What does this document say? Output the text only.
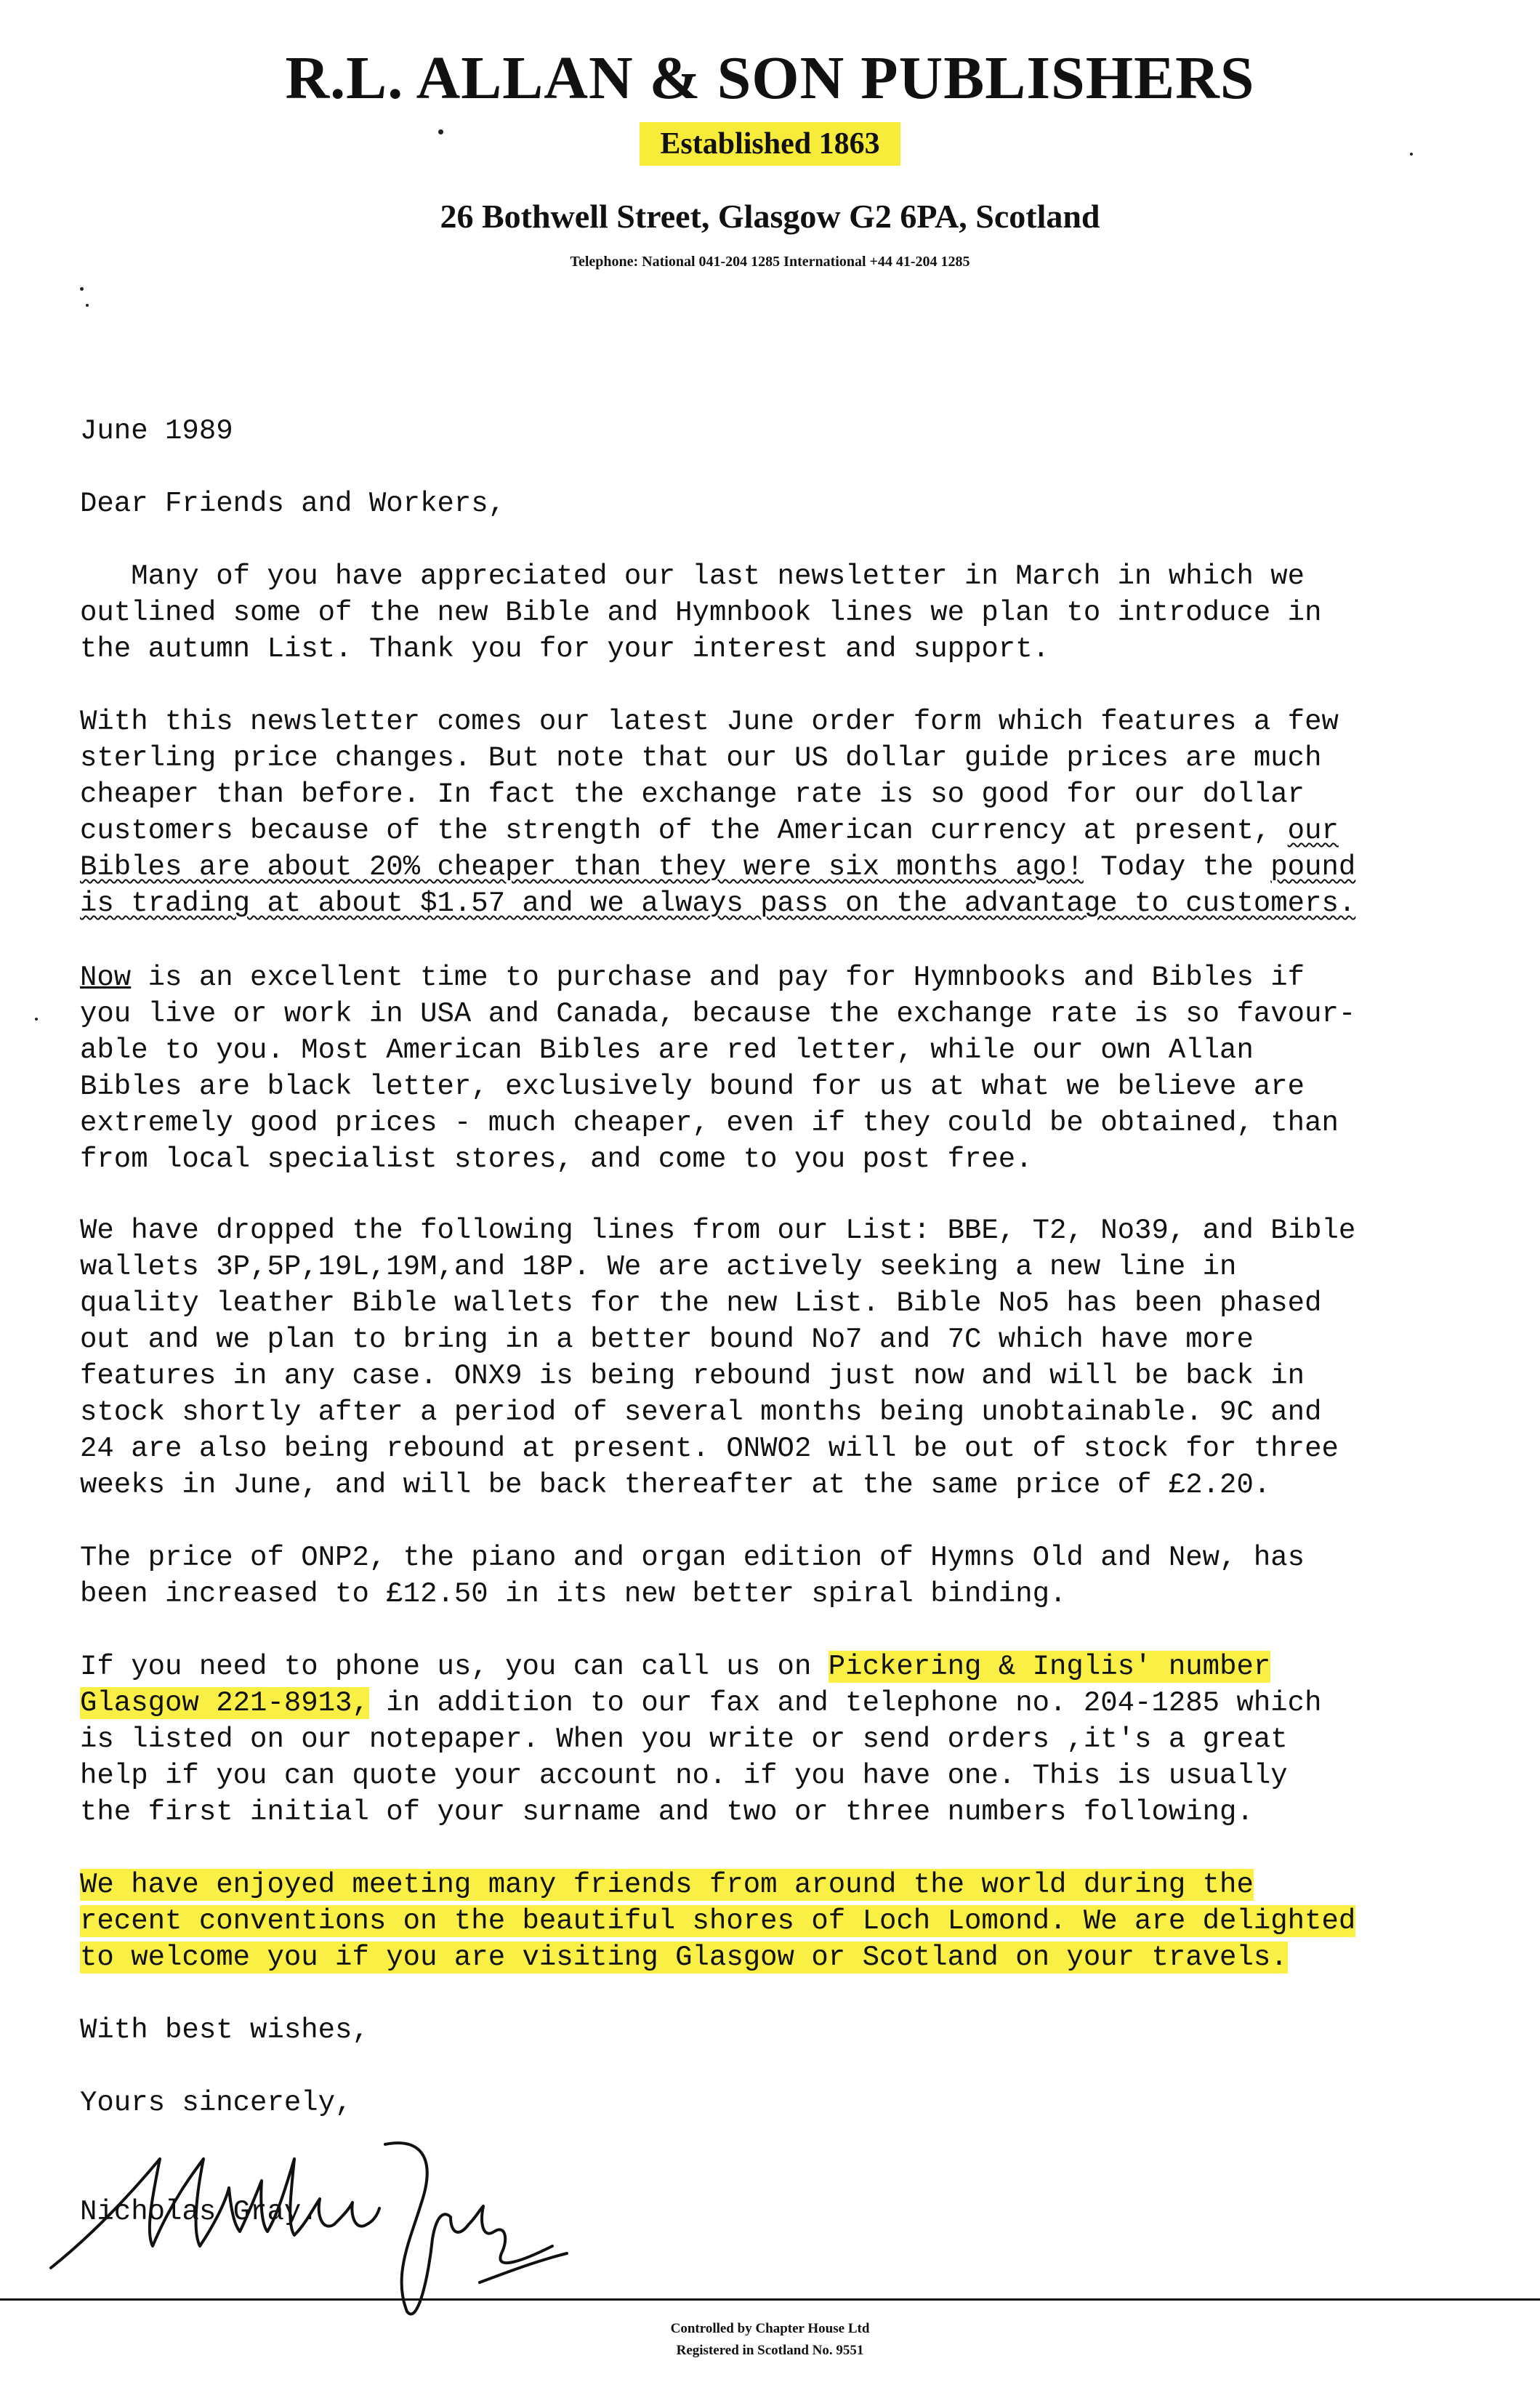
R.L. ALLAN & SON PUBLISHERS
Established 1863
26 Bothwell Street, Glasgow G2 6PA, Scotland
Telephone: National 041-204 1285 International +44 41-204 1285
June 1989
Dear Friends and Workers,
Many of you have appreciated our last newsletter in March in which we
outlined some of the new Bible and Hymnbook lines we plan to introduce in
the autumn List. Thank you for your interest and support.
With this newsletter comes our latest June order form which features a few
sterling price changes. But note that our US dollar guide prices are much
cheaper than before. In fact the exchange rate is so good for our dollar
customers because of the strength of the American currency at present, our
Bibles are about 20% cheaper than they were six months ago! Today the pound
is trading at about $1.57 and we always pass on the advantage to customers.
Now is an excellent time to purchase and pay for Hymnbooks and Bibles if
you live or work in USA and Canada, because the exchange rate is so favour-
able to you. Most American Bibles are red letter, while our own Allan
Bibles are black letter, exclusively bound for us at what we believe are
extremely good prices - much cheaper, even if they could be obtained, than
from local specialist stores, and come to you post free.
We have dropped the following lines from our List: BBE, T2, No39, and Bible
wallets 3P,5P,19L,19M,and 18P. We are actively seeking a new line in
quality leather Bible wallets for the new List. Bible No5 has been phased
out and we plan to bring in a better bound No7 and 7C which have more
features in any case. ONX9 is being rebound just now and will be back in
stock shortly after a period of several months being unobtainable. 9C and
24 are also being rebound at present. ONWO2 will be out of stock for three
weeks in June, and will be back thereafter at the same price of £2.20.
The price of ONP2, the piano and organ edition of Hymns Old and New, has
been increased to £12.50 in its new better spiral binding.
If you need to phone us, you can call us on Pickering & Inglis' number
Glasgow 221-8913, in addition to our fax and telephone no. 204-1285 which
is listed on our notepaper. When you write or send orders ,it's a great
help if you can quote your account no. if you have one. This is usually
the first initial of your surname and two or three numbers following.
We have enjoyed meeting many friends from around the world during the
recent conventions on the beautiful shores of Loch Lomond. We are delighted
to welcome you if you are visiting Glasgow or Scotland on your travels.
With best wishes,
Yours sincerely,
Nicholas Gray.
Controlled by Chapter House Ltd
Registered in Scotland No. 9551
